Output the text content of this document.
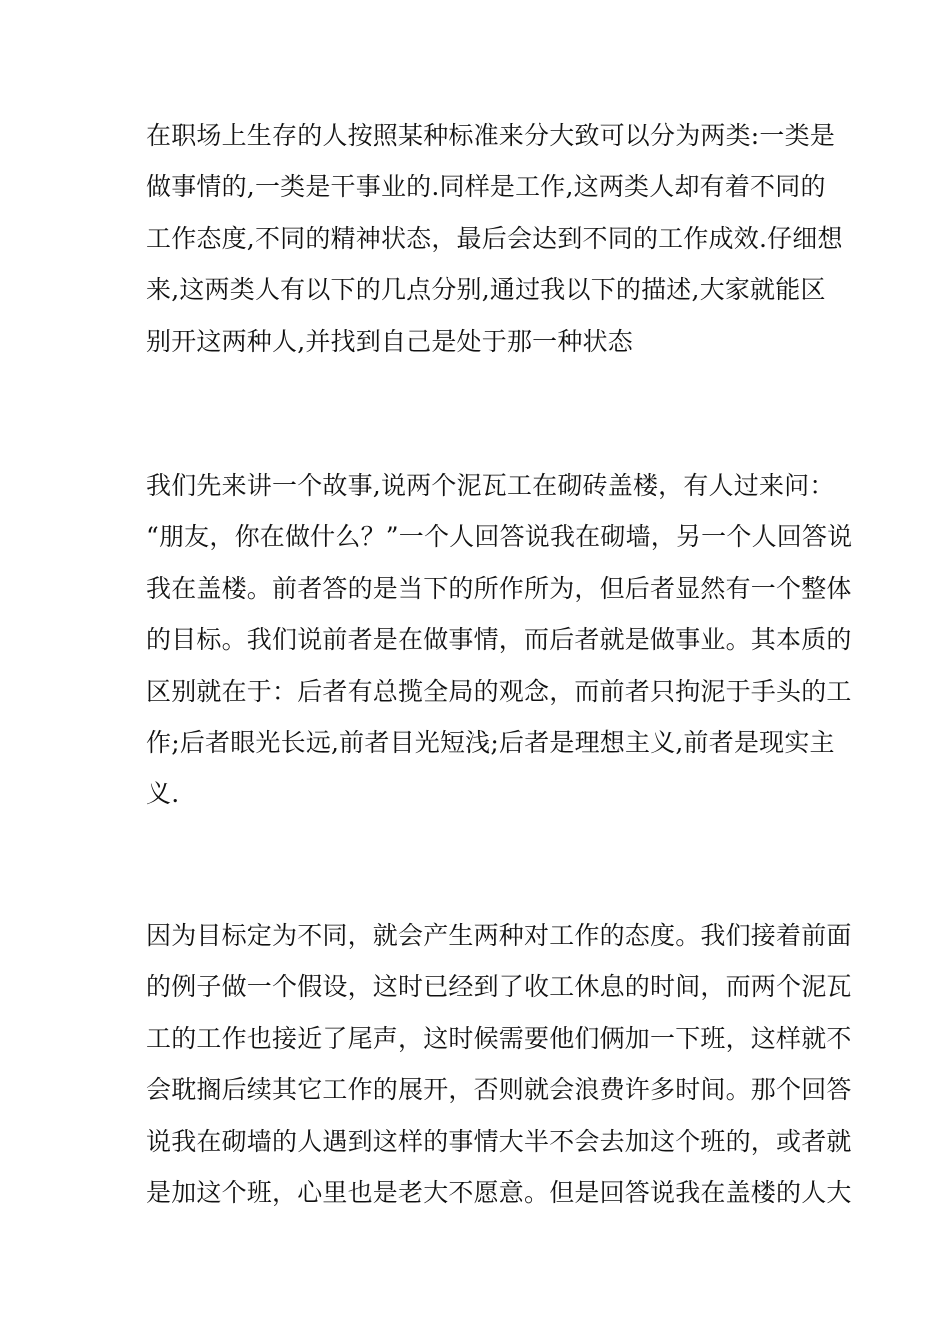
在职场上生存的人按照某种标准来分大致可以分为两类:一类是
做事情的,一类是干事业的.同样是工作,这两类人却有着不同的
工作态度,不同的精神状态，最后会达到不同的工作成效.仔细想
来,这两类人有以下的几点分别,通过我以下的描述,大家就能区
别开这两种人,并找到自己是处于那一种状态
我们先来讲一个故事,说两个泥瓦工在砌砖盖楼，有人过来问：
“朋友，你在做什么？”一个人回答说我在砌墙，另一个人回答说
我在盖楼。前者答的是当下的所作所为，但后者显然有一个整体
的目标。我们说前者是在做事情，而后者就是做事业。其本质的
区别就在于：后者有总揽全局的观念，而前者只拘泥于手头的工
作;后者眼光长远,前者目光短浅;后者是理想主义,前者是现实主
义.
因为目标定为不同，就会产生两种对工作的态度。我们接着前面
的例子做一个假设，这时已经到了收工休息的时间，而两个泥瓦
工的工作也接近了尾声，这时候需要他们俩加一下班，这样就不
会耽搁后续其它工作的展开，否则就会浪费许多时间。那个回答
说我在砌墙的人遇到这样的事情大半不会去加这个班的，或者就
是加这个班，心里也是老大不愿意。但是回答说我在盖楼的人大
